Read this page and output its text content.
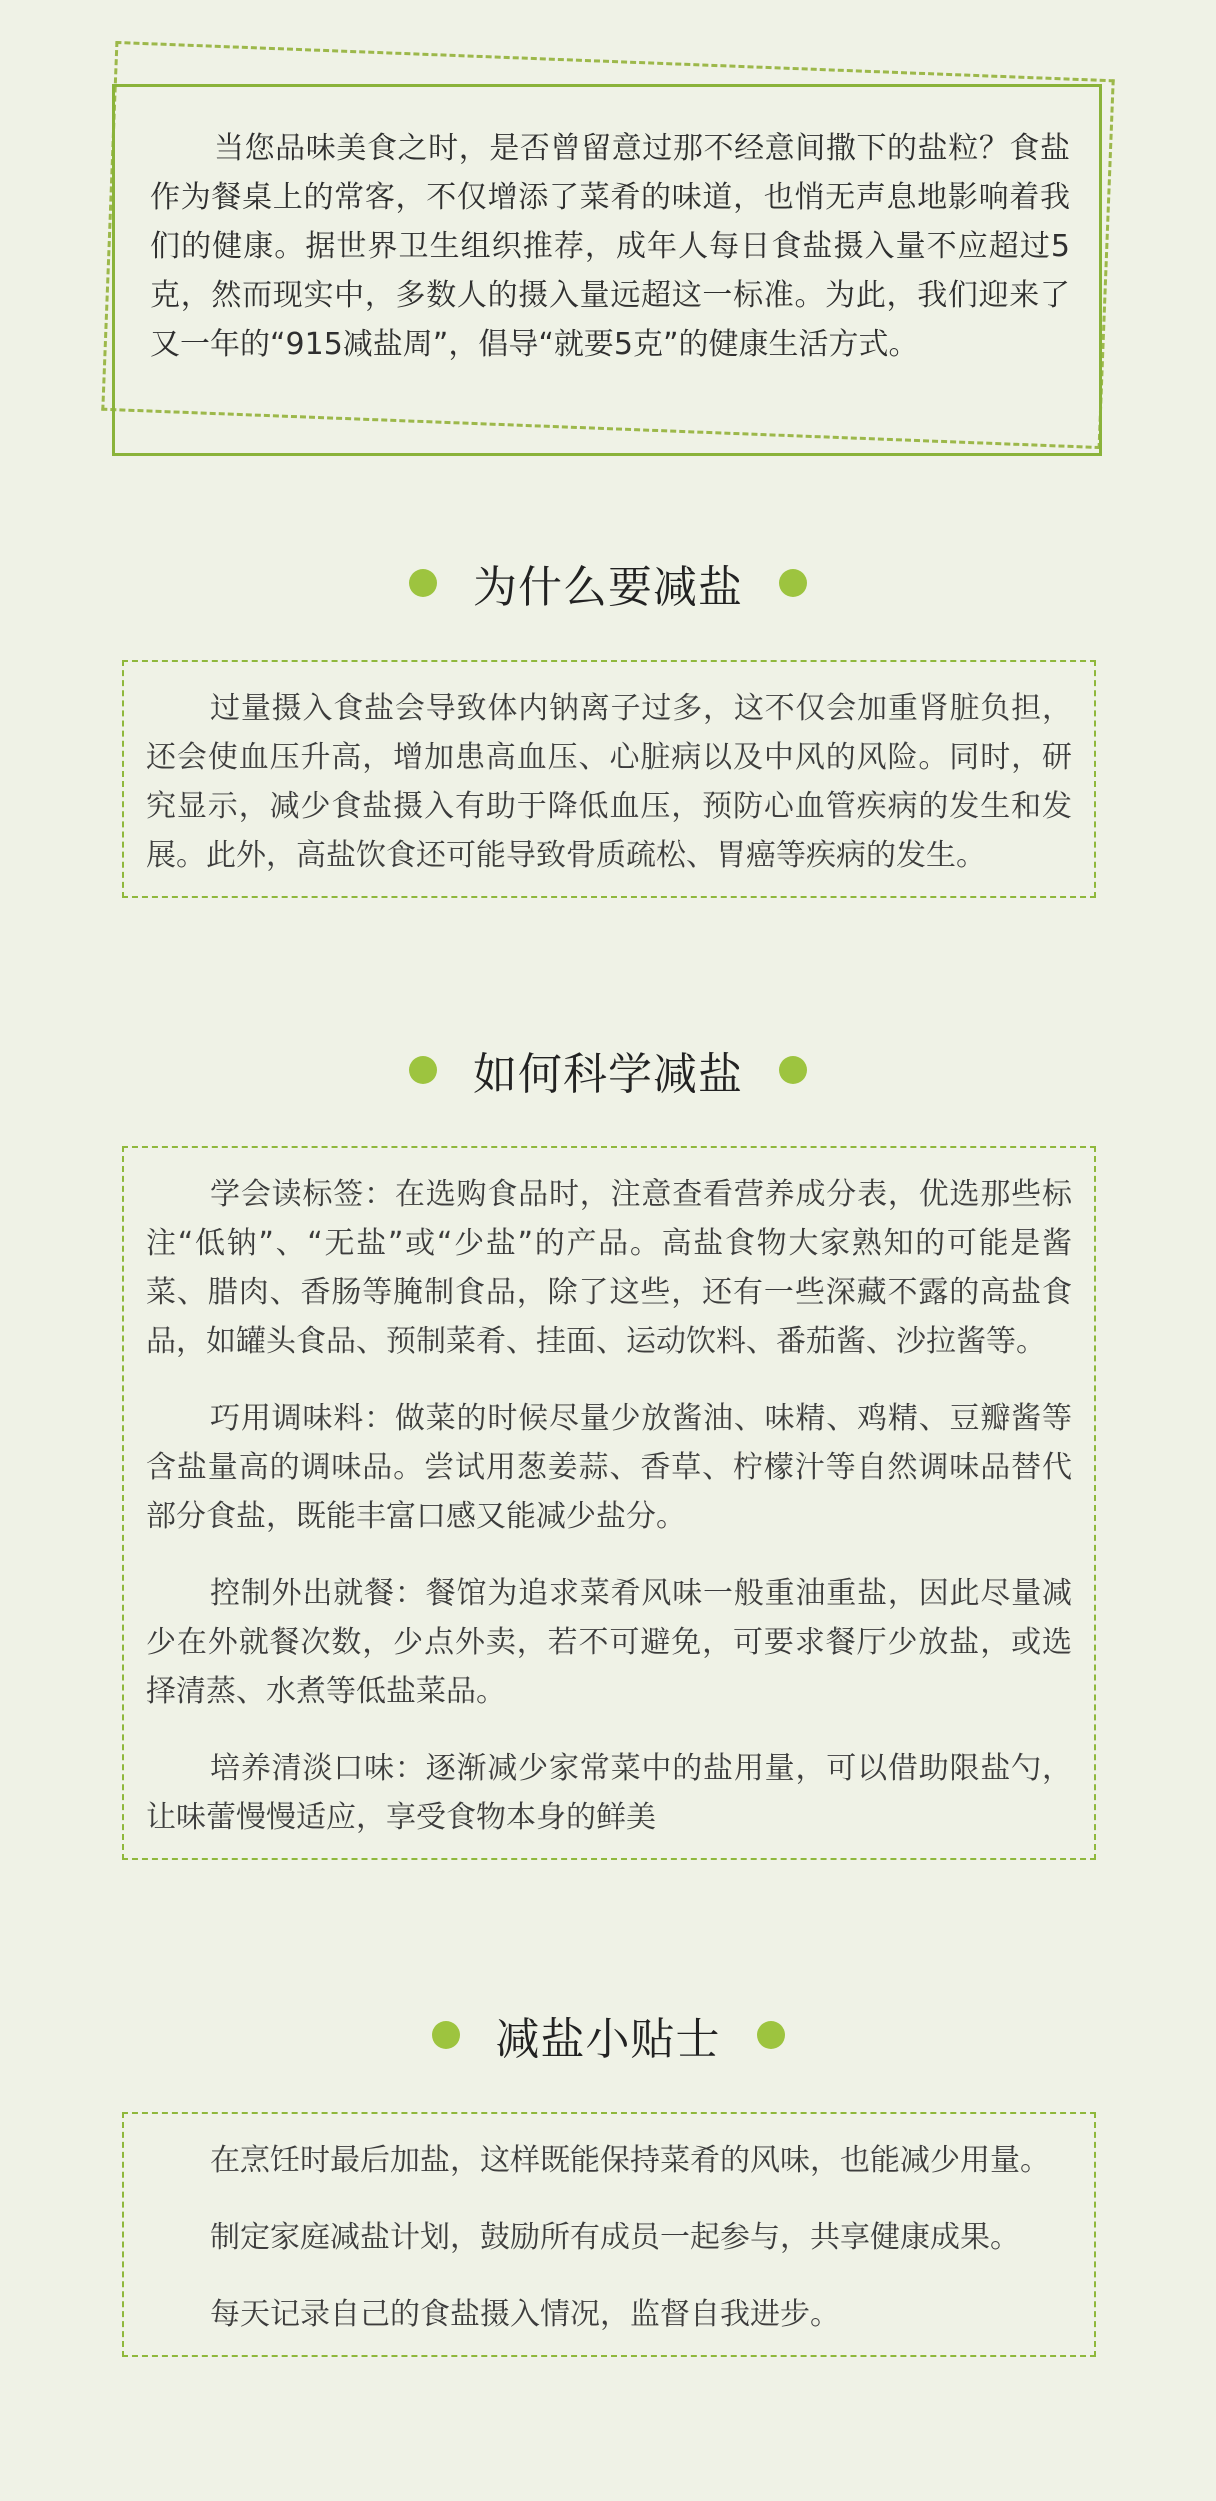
当您品味美食之时，是否曾留意过那不经意间撒下的盐粒？食盐作为餐桌上的常客，不仅增添了菜肴的味道，也悄无声息地影响着我们的健康。据世界卫生组织推荐，成年人每日食盐摄入量不应超过5克，然而现实中，多数人的摄入量远超这一标准。为此，我们迎来了又一年的“915减盐周”，倡导“就要5克”的健康生活方式。

为什么要减盐

过量摄入食盐会导致体内钠离子过多，这不仅会加重肾脏负担，还会使血压升高，增加患高血压、心脏病以及中风的风险。同时，研究显示，减少食盐摄入有助于降低血压，预防心血管疾病的发生和发展。此外，高盐饮食还可能导致骨质疏松、胃癌等疾病的发生。

如何科学减盐

学会读标签：在选购食品时，注意查看营养成分表，优选那些标注“低钠”、“无盐”或“少盐”的产品。高盐食物大家熟知的可能是酱菜、腊肉、香肠等腌制食品，除了这些，还有一些深藏不露的高盐食品，如罐头食品、预制菜肴、挂面、运动饮料、番茄酱、沙拉酱等。

巧用调味料：做菜的时候尽量少放酱油、味精、鸡精、豆瓣酱等含盐量高的调味品。尝试用葱姜蒜、香草、柠檬汁等自然调味品替代部分食盐，既能丰富口感又能减少盐分。

控制外出就餐：餐馆为追求菜肴风味一般重油重盐，因此尽量减少在外就餐次数，少点外卖，若不可避免，可要求餐厅少放盐，或选择清蒸、水煮等低盐菜品。

培养清淡口味：逐渐减少家常菜中的盐用量，可以借助限盐勺，让味蕾慢慢适应，享受食物本身的鲜美

减盐小贴士

在烹饪时最后加盐，这样既能保持菜肴的风味，也能减少用量。

制定家庭减盐计划，鼓励所有成员一起参与，共享健康成果。

每天记录自己的食盐摄入情况，监督自我进步。
